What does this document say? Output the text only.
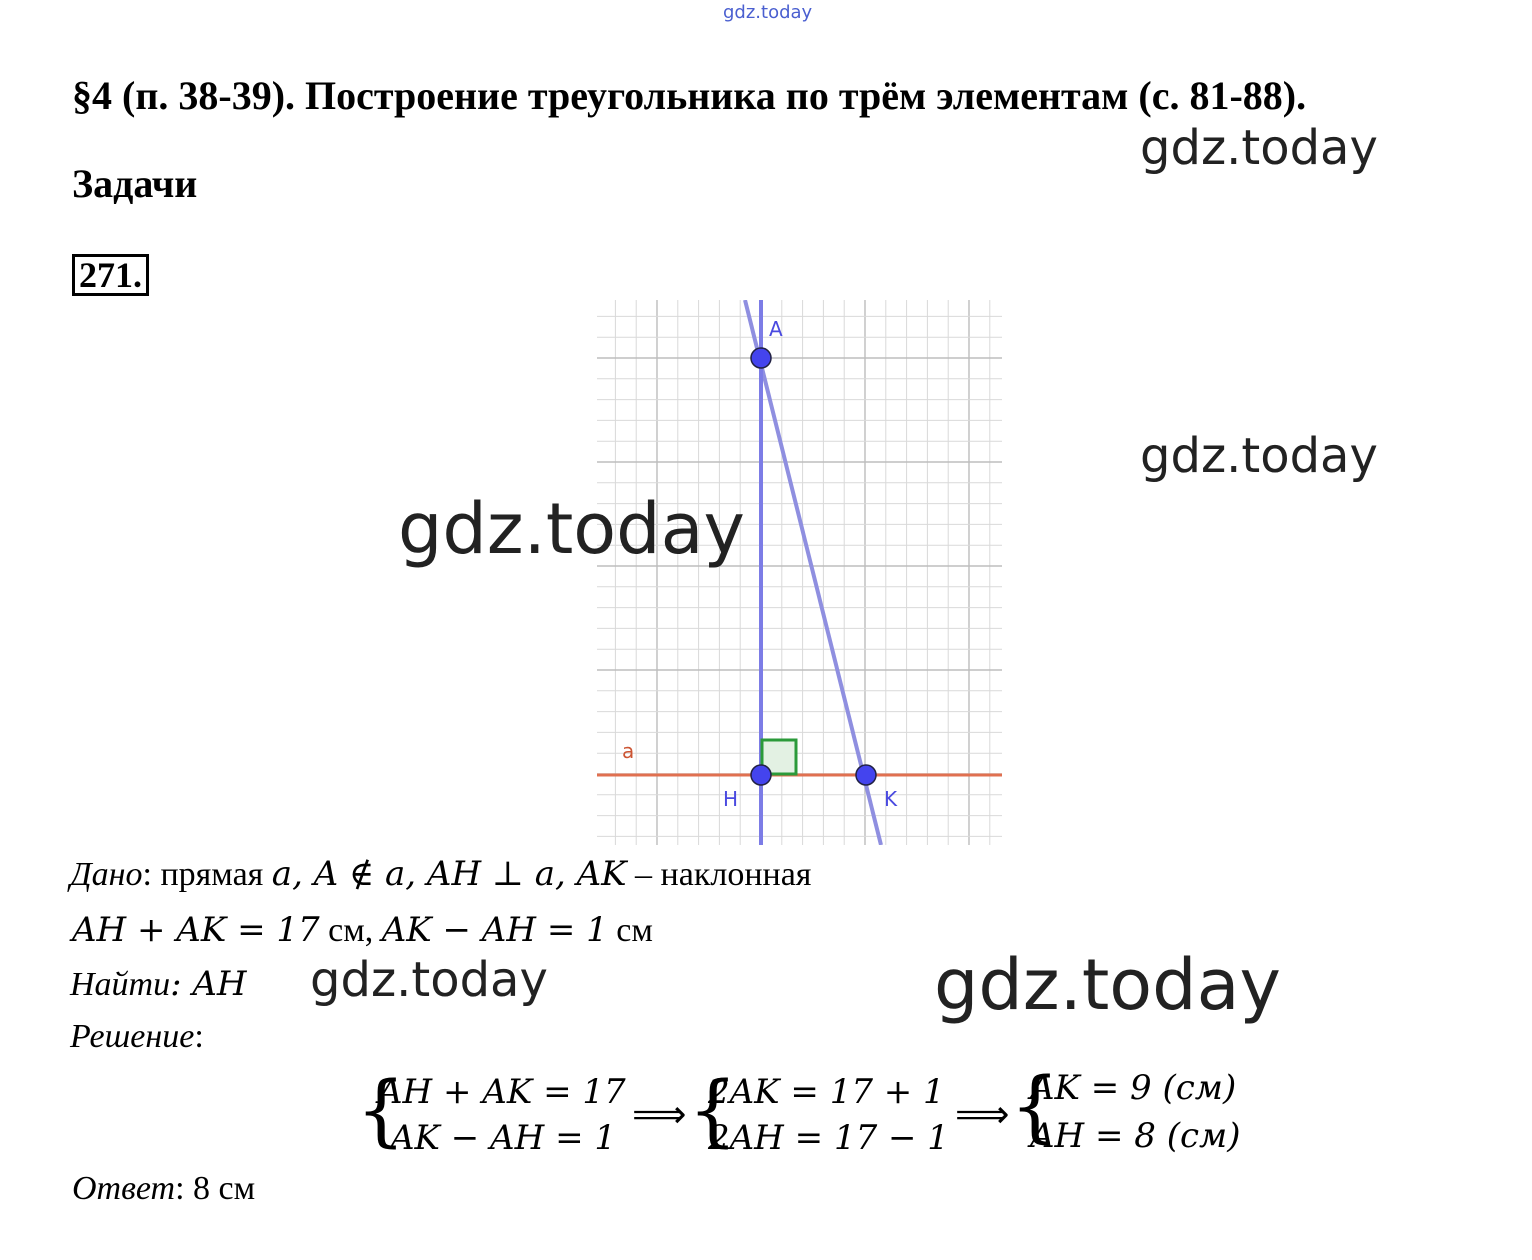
gdz.today
§4 (п. 38-39). Построение треугольника по трём элементам (с. 81-88).
Задачи
271.
gdz.today
gdz.today
A
H	K
a
gdz.today
Дано: прямая a, A ∉ a, AH ⊥ a, AK – наклонная
AH + AK = 17 см, AK − AH = 1 см
Найти: AH gdz.today	gdz.today
Решение:
{
AH + AK = 17
AK − AH = 1
⟹ {
2AK = 17 + 1
2AH = 17 − 1
⟹ {
AK = 9 (см)
AH = 8 (см)
Ответ: 8 см
